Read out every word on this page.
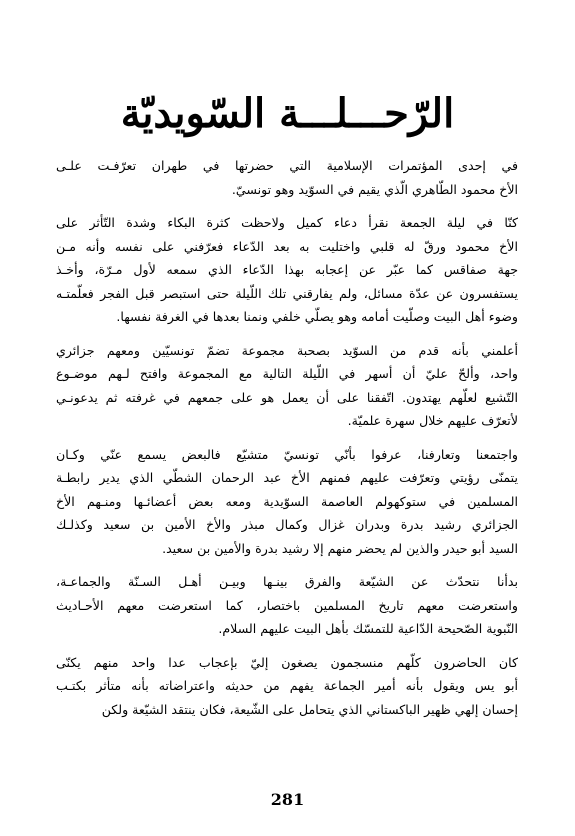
الرّحـــلـــة السّويديّة
في إحدى المؤتمرات الإسلامية التي حضرتها في طهران تعرّفـت علـى
الأخ محمود الطّاهري الّذي يقيم في السوّيد وهو تونسيّ.
كنّا في ليلة الجمعة نقرأ دعاء كميل ولاحظت كثرة البكاء وشدة التّأثر على
الأخ محمود ورقّ له قلبي واختليت به بعد الدّعاء فعرّفني على نفسه وأنه مـن
جهة صفاقس كما عبّر عن إعجابه بهذا الدّعاء الذي سمعه لأول مـرّة، وأخـذ
يستفسرون عن عدّة مسائل، ولم يفارقني تلك اللّيلة حتى استبصر قبل الفجر فعلّمتـه
وضوء أهل البيت وصلّيت أمامه وهو يصلّي خلفي ونمنا بعدها في الغرفة نفسها.
أعلمني بأنه قدم من السوّيد بصحبة مجموعة تضمّ تونسيّين ومعهم جزائري
واحد، وألحّ عليّ أن أسهر في اللّيلة التالية مع المجموعة وافتح لـهم موضـوع
التّشيع لعلّهم يهتدون. اتّفقنا على أن يعمل هو على جمعهم في غرفته ثم يدعونـي
لأتعرّف عليهم خلال سهرة علميّة.
واجتمعنا وتعارفنا، عرفوا بأنّي تونسيّ متشيّع فالبعض يسمع عنّي وكـان
يتمنّى رؤيتي وتعرّفت عليهم فمنهم الأخ عبد الرحمان الشطّي الذي يدير رابطـة
المسلمين في ستوكهولم العاصمة السوّيدية ومعه بعض أعضائـها ومنـهم الأخ
الجزائري رشيد بدرة وبدران غزال وكمال مبذر والأخ الأمين بن سعيد وكذلـك
السيد أبو حيدر والذين لم يحضر منهم إلا رشيد بدرة والأمين بن سعيد.
بدأنا نتحدّث عن الشيّعة والفرق بينـها وبيـن أهـل السـنّة والجماعـة،
واستعرضت معهم تاريخ المسلمين باختصار، كما استعرضت معهم الأحـاديث
النّبوية الصّحيحة الدّاعية للتمسّك بأهل البيت عليهم السلام.
كان الحاضرون كلّهم منسجمون يصغون إليّ بإعجاب عدا واحد منهم يكنّى
أبو يس ويقول بأنه أمير الجماعة يفهم من حديثه واعتراضاته بأنه متأثر بكتـب
إحسان إلهي ظهير الباكستاني الذي يتحامل على الشّيعة، فكان ينتقد الشيّعة ولكن
281
